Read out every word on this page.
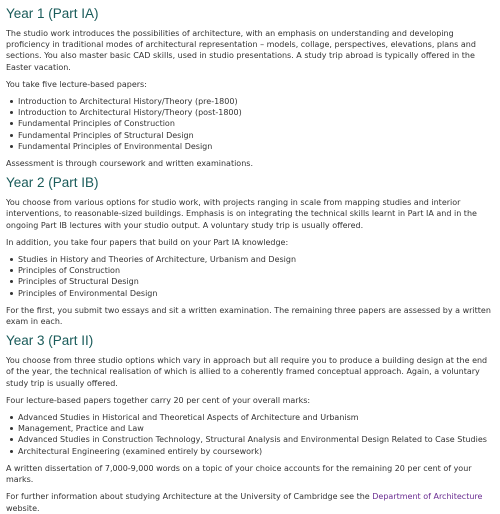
Year 1 (Part IA)

The studio work introduces the possibilities of architecture, with an emphasis on understanding and developing proficiency in traditional modes of architectural representation – models, collage, perspectives, elevations, plans and sections. You also master basic CAD skills, used in studio presentations. A study trip abroad is typically offered in the Easter vacation.

You take five lecture-based papers:

Introduction to Architectural History/Theory (pre-1800)
Introduction to Architectural History/Theory (post-1800)
Fundamental Principles of Construction
Fundamental Principles of Structural Design
Fundamental Principles of Environmental Design

Assessment is through coursework and written examinations.

Year 2 (Part IB)

You choose from various options for studio work, with projects ranging in scale from mapping studies and interior interventions, to reasonable-sized buildings. Emphasis is on integrating the technical skills learnt in Part IA and in the ongoing Part IB lectures with your studio output. A voluntary study trip is usually offered.

In addition, you take four papers that build on your Part IA knowledge:

Studies in History and Theories of Architecture, Urbanism and Design
Principles of Construction
Principles of Structural Design
Principles of Environmental Design

For the first, you submit two essays and sit a written examination. The remaining three papers are assessed by a written exam in each.

Year 3 (Part II)

You choose from three studio options which vary in approach but all require you to produce a building design at the end of the year, the technical realisation of which is allied to a coherently framed conceptual approach. Again, a voluntary study trip is usually offered.

Four lecture-based papers together carry 20 per cent of your overall marks:

Advanced Studies in Historical and Theoretical Aspects of Architecture and Urbanism
Management, Practice and Law
Advanced Studies in Construction Technology, Structural Analysis and Environmental Design Related to Case Studies
Architectural Engineering (examined entirely by coursework)

A written dissertation of 7,000-9,000 words on a topic of your choice accounts for the remaining 20 per cent of your marks.

For further information about studying Architecture at the University of Cambridge see the Department of Architecture website.
